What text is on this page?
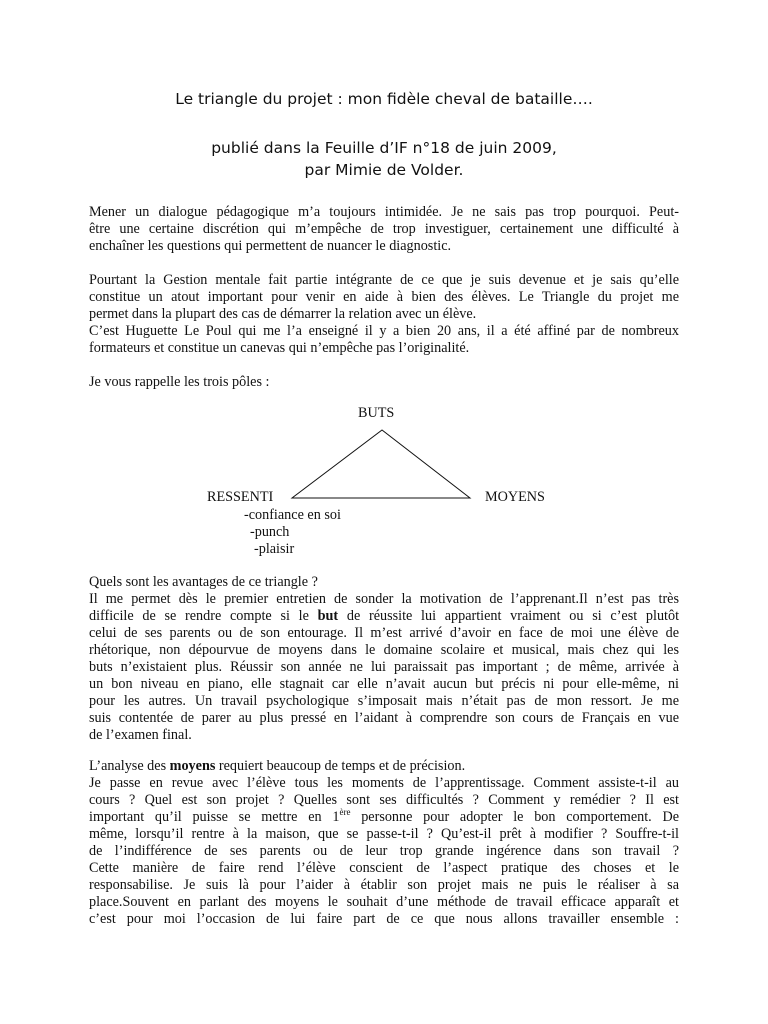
Le triangle du projet : mon fidèle cheval de bataille….
publié dans la Feuille d’IF n°18 de juin 2009,
par Mimie de Volder.
Mener un dialogue pédagogique m’a toujours intimidée. Je ne sais pas trop pourquoi. Peut-
être une certaine discrétion qui m’empêche de trop investiguer, certainement une difficulté à
enchaîner les questions qui permettent de nuancer le diagnostic.
Pourtant la Gestion mentale fait partie intégrante de ce que je suis devenue et je sais qu’elle
constitue un atout important pour venir en aide à bien des élèves. Le Triangle du projet me
permet dans la plupart des cas de démarrer la relation avec un élève.
C’est Huguette Le Poul qui me l’a enseigné il y a bien 20 ans, il a été affiné par de nombreux
formateurs et constitue un canevas qui n’empêche pas l’originalité.
Je vous rappelle les trois pôles :
BUTS
RESSENTI	MOYENS
-confiance en soi
-punch
-plaisir
Quels sont les avantages de ce triangle ?
Il me permet dès le premier entretien de sonder la motivation de l’apprenant.Il n’est pas très
difficile de se rendre compte si le but de réussite lui appartient vraiment ou si c’est plutôt
celui de ses parents ou de son entourage. Il m’est arrivé d’avoir en face de moi une élève de
rhétorique, non dépourvue de moyens dans le domaine scolaire et musical, mais chez qui les
buts n’existaient plus. Réussir son année ne lui paraissait pas important ; de même, arrivée à
un bon niveau en piano, elle stagnait car elle n’avait aucun but précis ni pour elle-même, ni
pour les autres. Un travail psychologique s’imposait mais n’était pas de mon ressort. Je me
suis contentée de parer au plus pressé en l’aidant à comprendre son cours de Français en vue
de l’examen final.
L’analyse des moyens requiert beaucoup de temps et de précision.
Je passe en revue avec l’élève tous les moments de l’apprentissage. Comment assiste-t-il au
cours ? Quel est son projet ? Quelles sont ses difficultés ? Comment y remédier ? Il est
important qu’il puisse se mettre en 1ère personne pour adopter le bon comportement. De
même, lorsqu’il rentre à la maison, que se passe-t-il ? Qu’est-il prêt à modifier ? Souffre-t-il
de l’indifférence de ses parents ou de leur trop grande ingérence dans son travail ?
Cette manière de faire rend l’élève conscient de l’aspect pratique des choses et le
responsabilise. Je suis là pour l’aider à établir son projet mais ne puis le réaliser à sa
place.Souvent en parlant des moyens le souhait d’une méthode de travail efficace apparaît et
c’est pour moi l’occasion de lui faire part de ce que nous allons travailler ensemble :
